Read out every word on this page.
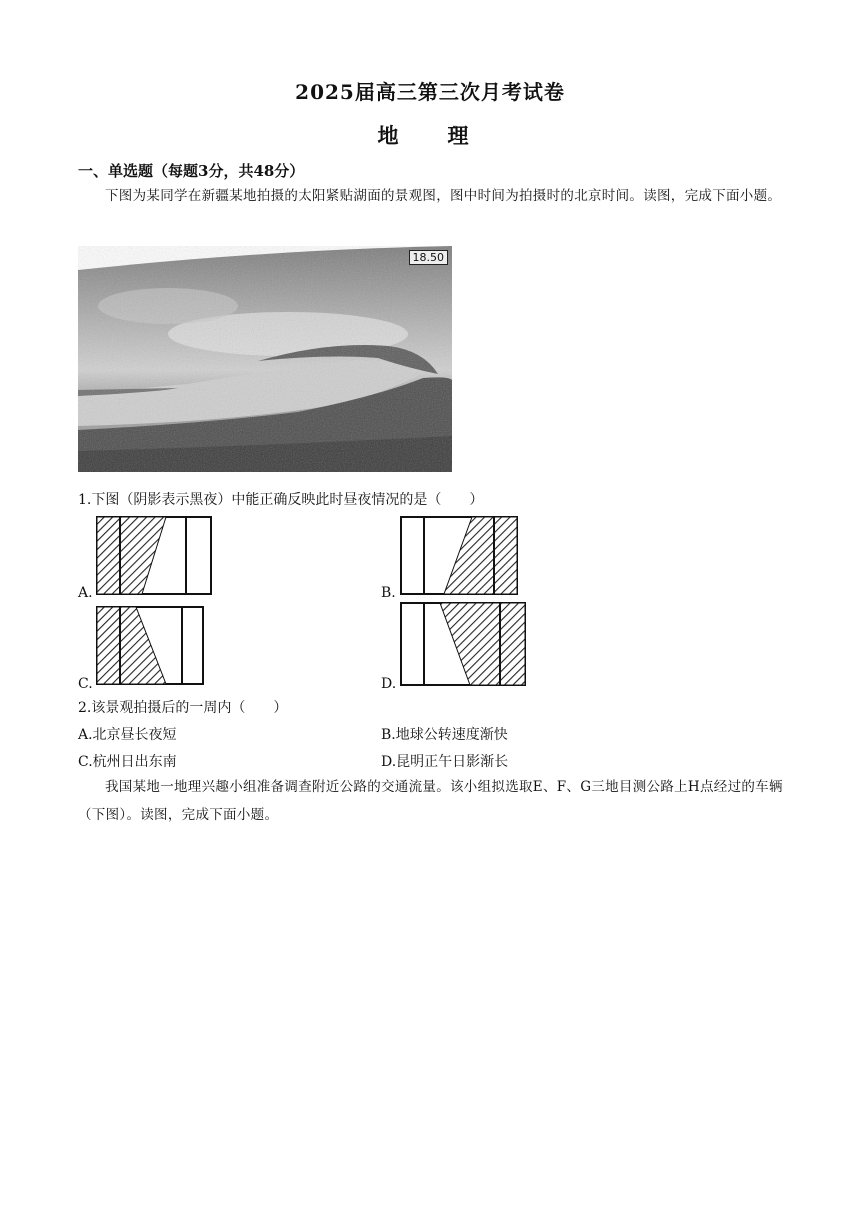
2025届高三第三次月考试卷
地　理
一、单选题（每题3分，共48分）
下图为某同学在新疆某地拍摄的太阳紧贴湖面的景观图，图中时间为拍摄时的北京时间。读图，完成下面小题。
18.50
1.下图（阴影表示黑夜）中能正确反映此时昼夜情况的是（　　）
A.	B.
C.	D.
2.该景观拍摄后的一周内（　　）
A.北京昼长夜短	B.地球公转速度渐快
C.杭州日出东南	D.昆明正午日影渐长
我国某地一地理兴趣小组准备调查附近公路的交通流量。该小组拟选取E、F、G三地目测公路上H点经过的车辆（下图）。读图，完成下面小题。
